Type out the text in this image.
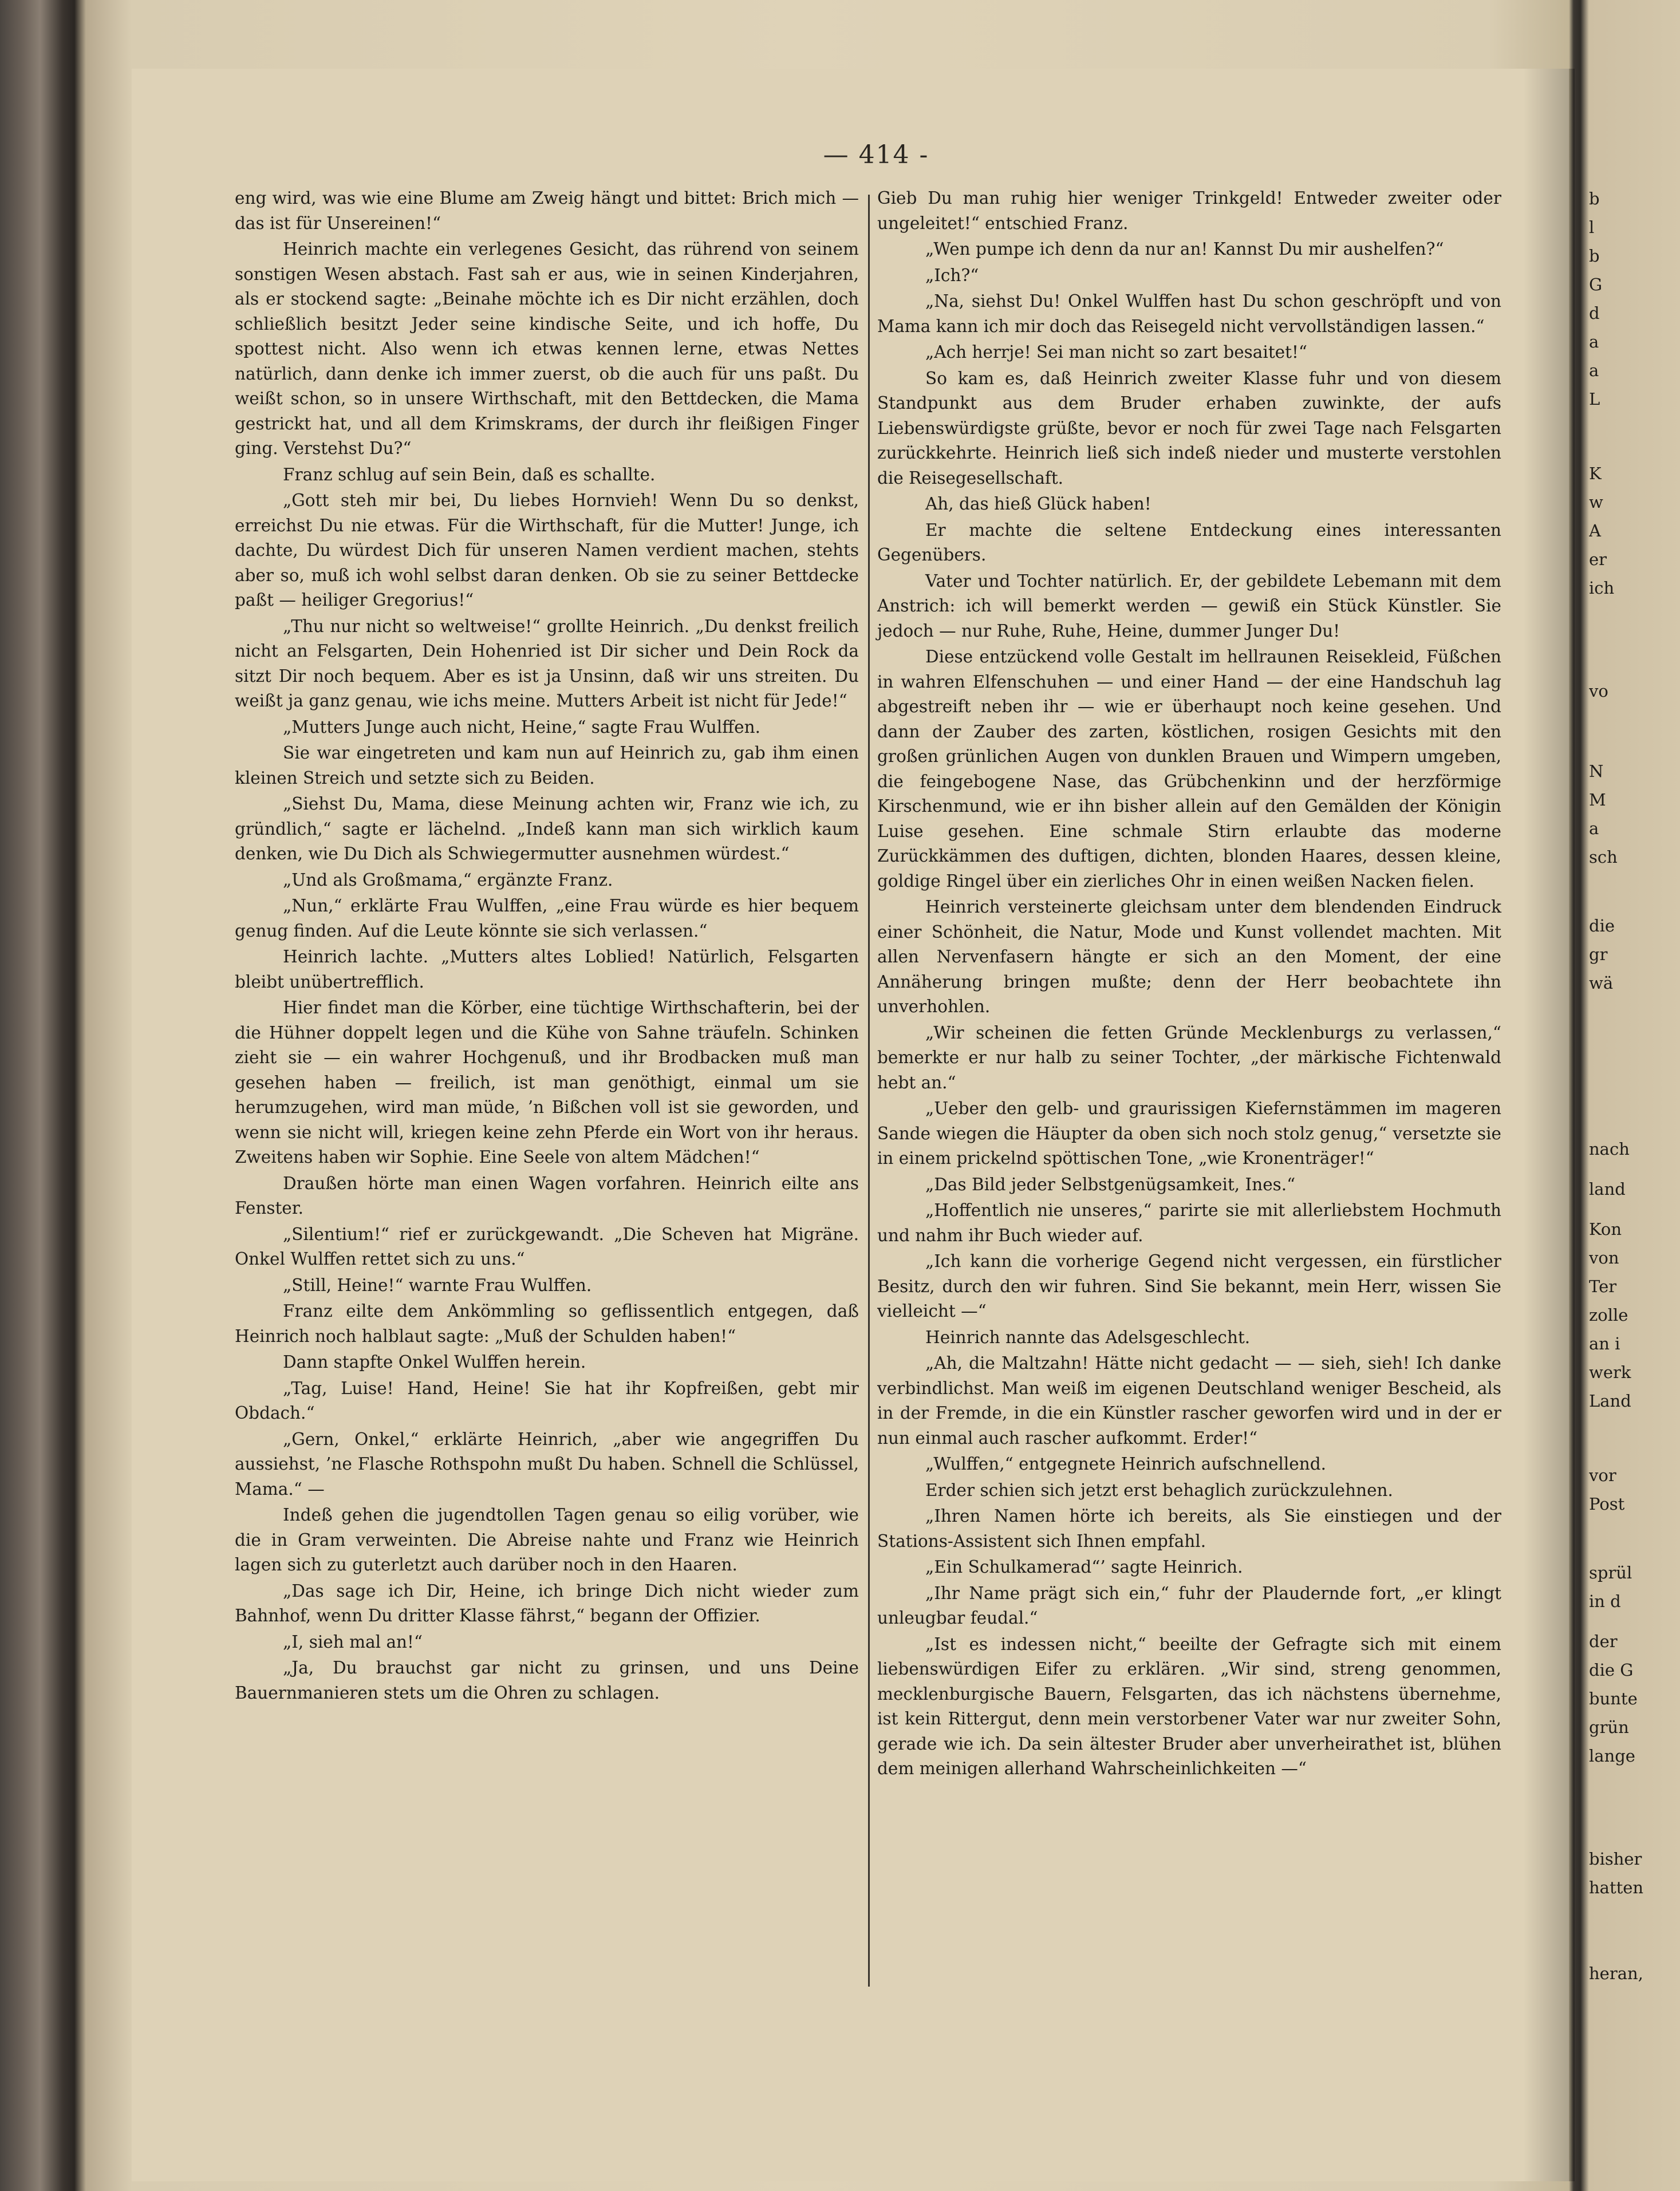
— 414 -

eng wird, was wie eine Blume am Zweig hängt und bittet: Brich mich — das ist für Unsereinen!“

Heinrich machte ein verlegenes Gesicht, das rührend von seinem sonstigen Wesen abstach. Fast sah er aus, wie in seinen Kinderjahren, als er stockend sagte: „Beinahe möchte ich es Dir nicht erzählen, doch schließlich besitzt Jeder seine kindische Seite, und ich hoffe, Du spottest nicht. Also wenn ich etwas kennen lerne, etwas Nettes natürlich, dann denke ich immer zuerst, ob die auch für uns paßt. Du weißt schon, so in unsere Wirthschaft, mit den Bettdecken, die Mama gestrickt hat, und all dem Krimskrams, der durch ihr fleißigen Finger ging. Verstehst Du?“

Franz schlug auf sein Bein, daß es schallte.

„Gott steh mir bei, Du liebes Hornvieh! Wenn Du so denkst, erreichst Du nie etwas. Für die Wirthschaft, für die Mutter! Junge, ich dachte, Du würdest Dich für unseren Namen verdient machen, stehts aber so, muß ich wohl selbst daran denken. Ob sie zu seiner Bettdecke paßt — heiliger Gregorius!“

„Thu nur nicht so weltweise!“ grollte Heinrich. „Du denkst freilich nicht an Felsgarten, Dein Hohenried ist Dir sicher und Dein Rock da sitzt Dir noch bequem. Aber es ist ja Unsinn, daß wir uns streiten. Du weißt ja ganz genau, wie ichs meine. Mutters Arbeit ist nicht für Jede!“

„Mutters Junge auch nicht, Heine,“ sagte Frau Wulffen.

Sie war eingetreten und kam nun auf Heinrich zu, gab ihm einen kleinen Streich und setzte sich zu Beiden.

„Siehst Du, Mama, diese Meinung achten wir, Franz wie ich, zu gründlich,“ sagte er lächelnd. „Indeß kann man sich wirklich kaum denken, wie Du Dich als Schwiegermutter ausnehmen würdest.“

„Und als Großmama,“ ergänzte Franz.

„Nun,“ erklärte Frau Wulffen, „eine Frau würde es hier bequem genug finden. Auf die Leute könnte sie sich verlassen.“

Heinrich lachte. „Mutters altes Loblied! Natürlich, Felsgarten bleibt unübertrefflich.

Hier findet man die Körber, eine tüchtige Wirthschafterin, bei der die Hühner doppelt legen und die Kühe von Sahne träufeln. Schinken zieht sie — ein wahrer Hochgenuß, und ihr Brodbacken muß man gesehen haben — freilich, ist man genöthigt, einmal um sie herumzugehen, wird man müde, ’n Bißchen voll ist sie geworden, und wenn sie nicht will, kriegen keine zehn Pferde ein Wort von ihr heraus. Zweitens haben wir Sophie. Eine Seele von altem Mädchen!“

Draußen hörte man einen Wagen vorfahren. Heinrich eilte ans Fenster.

„Silentium!“ rief er zurückgewandt. „Die Scheven hat Migräne. Onkel Wulffen rettet sich zu uns.“

„Still, Heine!“ warnte Frau Wulffen.

Franz eilte dem Ankömmling so geflissentlich entgegen, daß Heinrich noch halblaut sagte: „Muß der Schulden haben!“

Dann stapfte Onkel Wulffen herein.

„Tag, Luise! Hand, Heine! Sie hat ihr Kopfreißen, gebt mir Obdach.“

„Gern, Onkel,“ erklärte Heinrich, „aber wie angegriffen Du aussiehst, ’ne Flasche Rothspohn mußt Du haben. Schnell die Schlüssel, Mama.“ —

Indeß gehen die jugendtollen Tagen genau so eilig vorüber, wie die in Gram verweinten. Die Abreise nahte und Franz wie Heinrich lagen sich zu guterletzt auch darüber noch in den Haaren.

„Das sage ich Dir, Heine, ich bringe Dich nicht wieder zum Bahnhof, wenn Du dritter Klasse fährst,“ begann der Offizier.

„I, sieh mal an!“

„Ja, Du brauchst gar nicht zu grinsen, und uns Deine Bauernmanieren stets um die Ohren zu schlagen.

Gieb Du man ruhig hier weniger Trinkgeld! Entweder zweiter oder ungeleitet!“ entschied Franz.

„Wen pumpe ich denn da nur an! Kannst Du mir aushelfen?“

„Ich?“

„Na, siehst Du! Onkel Wulffen hast Du schon geschröpft und von Mama kann ich mir doch das Reisegeld nicht vervollständigen lassen.“

„Ach herrje! Sei man nicht so zart besaitet!“

So kam es, daß Heinrich zweiter Klasse fuhr und von diesem Standpunkt aus dem Bruder erhaben zuwinkte, der aufs Liebenswürdigste grüßte, bevor er noch für zwei Tage nach Felsgarten zurückkehrte. Heinrich ließ sich indeß nieder und musterte verstohlen die Reisegesellschaft.

Ah, das hieß Glück haben!

Er machte die seltene Entdeckung eines interessanten Gegenübers.

Vater und Tochter natürlich. Er, der gebildete Lebemann mit dem Anstrich: ich will bemerkt werden — gewiß ein Stück Künstler. Sie jedoch — nur Ruhe, Ruhe, Heine, dummer Junger Du!

Diese entzückend volle Gestalt im hellraunen Reisekleid, Füßchen in wahren Elfenschuhen — und einer Hand — der eine Handschuh lag abgestreift neben ihr — wie er überhaupt noch keine gesehen. Und dann der Zauber des zarten, köstlichen, rosigen Gesichts mit den großen grünlichen Augen von dunklen Brauen und Wimpern umgeben, die feingebogene Nase, das Grübchenkinn und der herzförmige Kirschenmund, wie er ihn bisher allein auf den Gemälden der Königin Luise gesehen. Eine schmale Stirn erlaubte das moderne Zurückkämmen des duftigen, dichten, blonden Haares, dessen kleine, goldige Ringel über ein zierliches Ohr in einen weißen Nacken fielen.

Heinrich versteinerte gleichsam unter dem blendenden Eindruck einer Schönheit, die Natur, Mode und Kunst vollendet machten. Mit allen Nervenfasern hängte er sich an den Moment, der eine Annäherung bringen mußte; denn der Herr beobachtete ihn unverhohlen.

„Wir scheinen die fetten Gründe Mecklenburgs zu verlassen,“ bemerkte er nur halb zu seiner Tochter, „der märkische Fichtenwald hebt an.“

„Ueber den gelb- und graurissigen Kiefernstämmen im mageren Sande wiegen die Häupter da oben sich noch stolz genug,“ versetzte sie in einem prickelnd spöttischen Tone, „wie Kronenträger!“

„Das Bild jeder Selbstgenügsamkeit, Ines.“

„Hoffentlich nie unseres,“ parirte sie mit allerliebstem Hochmuth und nahm ihr Buch wieder auf.

„Ich kann die vorherige Gegend nicht vergessen, ein fürstlicher Besitz, durch den wir fuhren. Sind Sie bekannt, mein Herr, wissen Sie vielleicht —“

Heinrich nannte das Adelsgeschlecht.

„Ah, die Maltzahn! Hätte nicht gedacht — — sieh, sieh! Ich danke verbindlichst. Man weiß im eigenen Deutschland weniger Bescheid, als in der Fremde, in die ein Künstler rascher geworfen wird und in der er nun einmal auch rascher aufkommt. Erder!“

„Wulffen,“ entgegnete Heinrich aufschnellend.

Erder schien sich jetzt erst behaglich zurückzulehnen.

„Ihren Namen hörte ich bereits, als Sie einstiegen und der Stations-Assistent sich Ihnen empfahl.

„Ein Schulkamerad“’ sagte Heinrich.

„Ihr Name prägt sich ein,“ fuhr der Plaudernde fort, „er klingt unleugbar feudal.“

„Ist es indessen nicht,“ beeilte der Gefragte sich mit einem liebenswürdigen Eifer zu erklären. „Wir sind, streng genommen, mecklenburgische Bauern, Felsgarten, das ich nächstens übernehme, ist kein Rittergut, denn mein verstorbener Vater war nur zweiter Sohn, gerade wie ich. Da sein ältester Bruder aber unverheirathet ist, blühen dem meinigen allerhand Wahrscheinlichkeiten —“

b
l
b
G
d
a
a
L
K
w
A
er
ich
vo
N
M
a
sch
die
gr
wä
nach
land
Kon
von
Ter
zolle
an i
werk
Land
vor
Post
sprül
in d
der
die G
bunte
grün
lange
bisher
hatten
heran,
